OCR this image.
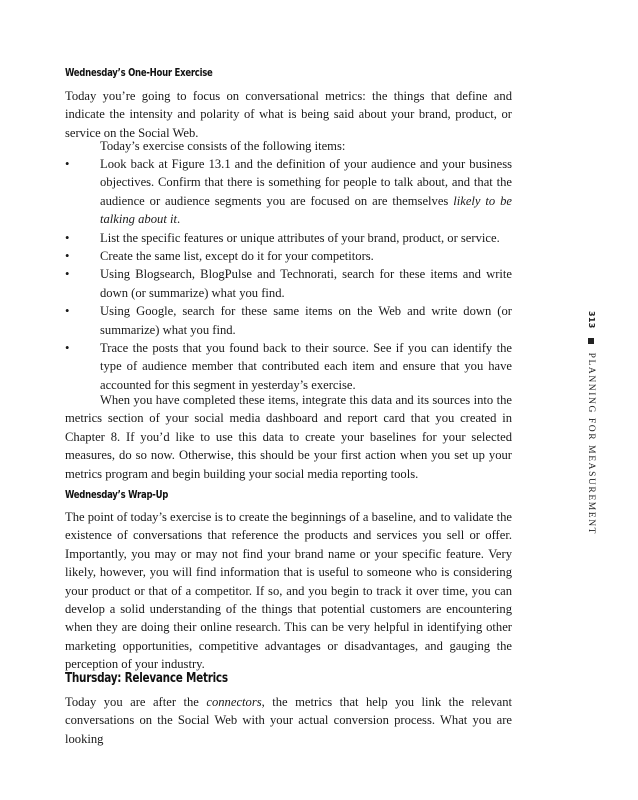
Wednesday’s One-Hour Exercise

Today you’re going to focus on conversational metrics: the things that define and indicate the intensity and polarity of what is being said about your brand, product, or service on the Social Web.

Today’s exercise consists of the following items:

• Look back at Figure 13.1 and the definition of your audience and your business objectives. Confirm that there is something for people to talk about, and that the audience or audience segments you are focused on are themselves likely to be talking about it.
• List the specific features or unique attributes of your brand, product, or service.
• Create the same list, except do it for your competitors.
• Using Blogsearch, BlogPulse and Technorati, search for these items and write down (or summarize) what you find.
• Using Google, search for these same items on the Web and write down (or summarize) what you find.
• Trace the posts that you found back to their source. See if you can identify the type of audience member that contributed each item and ensure that you have accounted for this segment in yesterday’s exercise.

When you have completed these items, integrate this data and its sources into the metrics section of your social media dashboard and report card that you created in Chapter 8. If you’d like to use this data to create your baselines for your selected measures, do so now. Otherwise, this should be your first action when you set up your metrics program and begin building your social media reporting tools.

Wednesday’s Wrap-Up

The point of today’s exercise is to create the beginnings of a baseline, and to validate the existence of conversations that reference the products and services you sell or offer. Importantly, you may or may not find your brand name or your specific feature. Very likely, however, you will find information that is useful to someone who is considering your product or that of a competitor. If so, and you begin to track it over time, you can develop a solid understanding of the things that potential customers are encountering when they are doing their online research. This can be very helpful in identifying other marketing opportunities, competitive advantages or disadvantages, and gauging the perception of your industry.

Thursday: Relevance Metrics

Today you are after the connectors, the metrics that help you link the relevant conversations on the Social Web with your actual conversion process. What you are looking

313  PLANNING FOR MEASUREMENT
